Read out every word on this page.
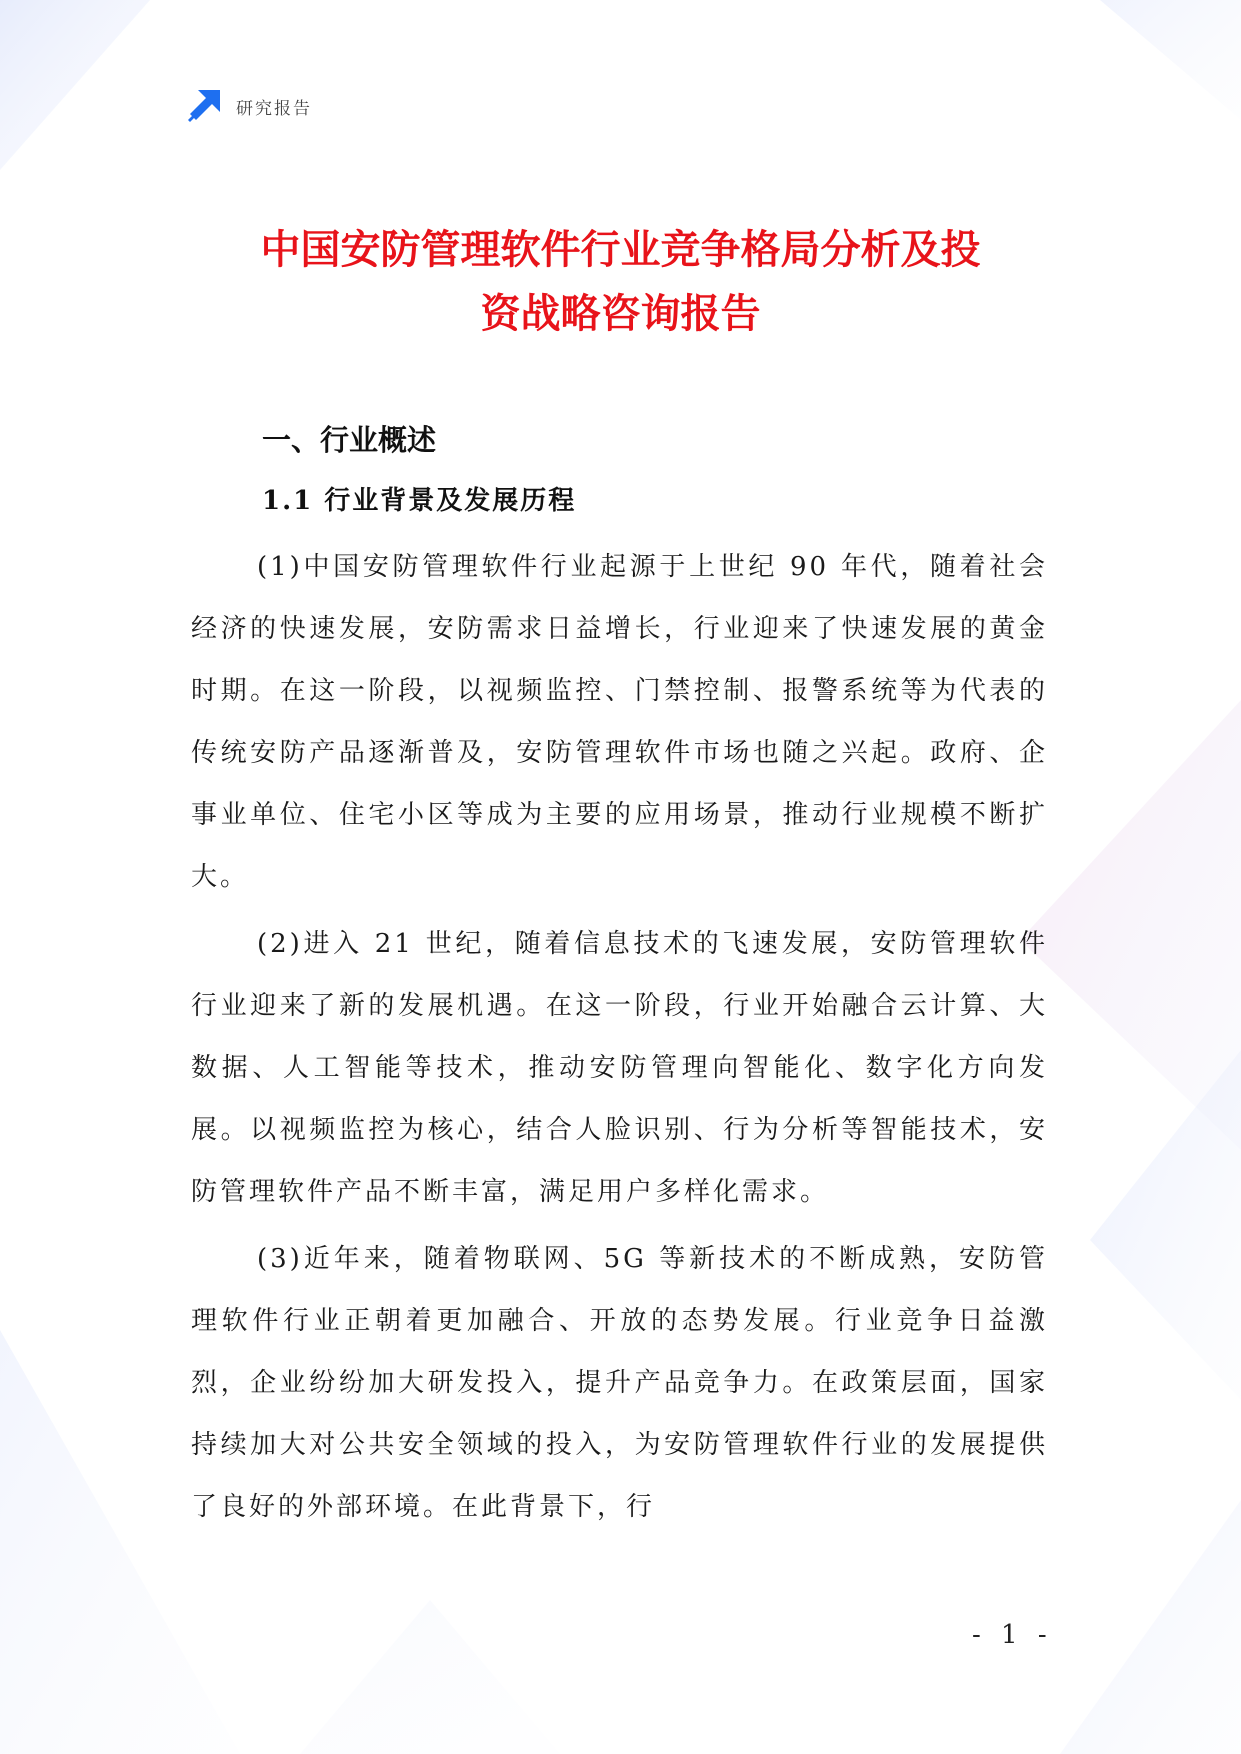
研究报告
中国安防管理软件行业竞争格局分析及投
资战略咨询报告
一、行业概述
1.1 行业背景及发展历程

(1)中国安防管理软件行业起源于上世纪 90 年代，随着社会经济的快速发展，安防需求日益增长，行业迎来了快速发展的黄金时期。在这一阶段，以视频监控、门禁控制、报警系统等为代表的传统安防产品逐渐普及，安防管理软件市场也随之兴起。政府、企事业单位、住宅小区等成为主要的应用场景，推动行业规模不断扩大。

(2)进入 21 世纪，随着信息技术的飞速发展，安防管理软件行业迎来了新的发展机遇。在这一阶段，行业开始融合云计算、大数据、人工智能等技术，推动安防管理向智能化、数字化方向发展。以视频监控为核心，结合人脸识别、行为分析等智能技术，安防管理软件产品不断丰富，满足用户多样化需求。

(3)近年来，随着物联网、5G 等新技术的不断成熟，安防管理软件行业正朝着更加融合、开放的态势发展。行业竞争日益激烈，企业纷纷加大研发投入，提升产品竞争力。在政策层面，国家持续加大对公共安全领域的投入，为安防管理软件行业的发展提供了良好的外部环境。在此背景下，行

- 1 -
